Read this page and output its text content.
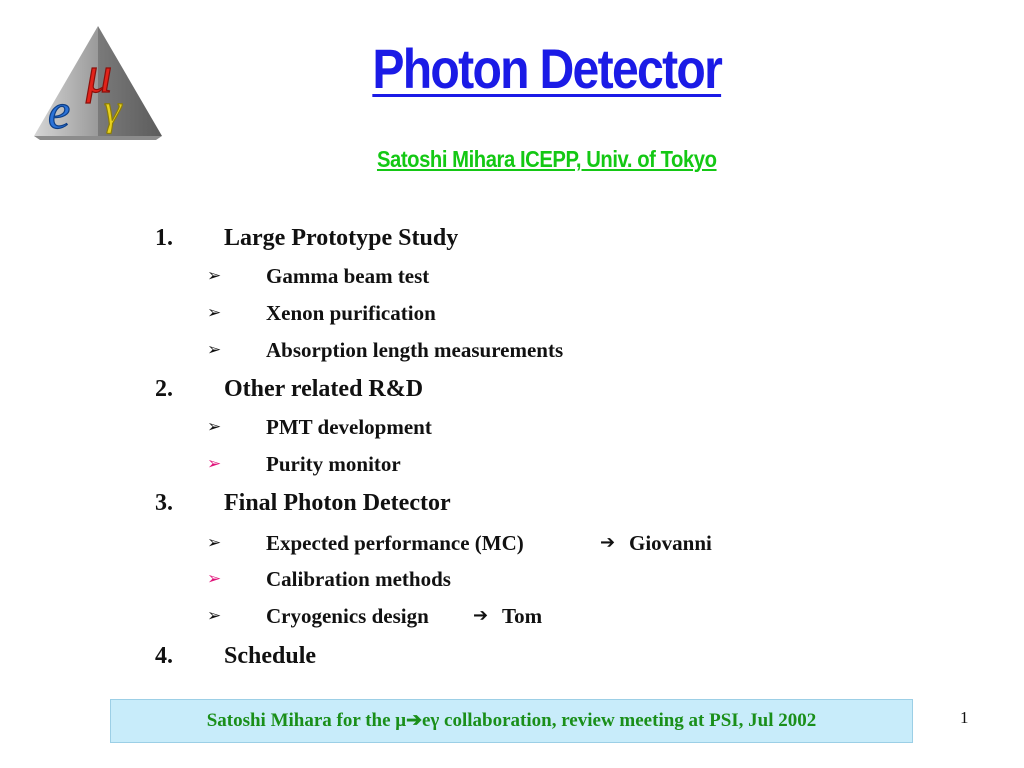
μ
e γ
Photon Detector
Satoshi Mihara ICEPP, Univ. of Tokyo
1. Large Prototype Study
➢ Gamma beam test
➢ Xenon purification
➢ Absorption length measurements
2. Other related R&D
➢ PMT development
➢ Purity monitor
3. Final Photon Detector
➢ Expected performance (MC)	➔ Giovanni
➢ Calibration methods
➢ Cryogenics design ➔ Tom
4. Schedule
Satoshi Mihara for the μ➔eγ collaboration, review meeting at PSI, Jul 2002	1
